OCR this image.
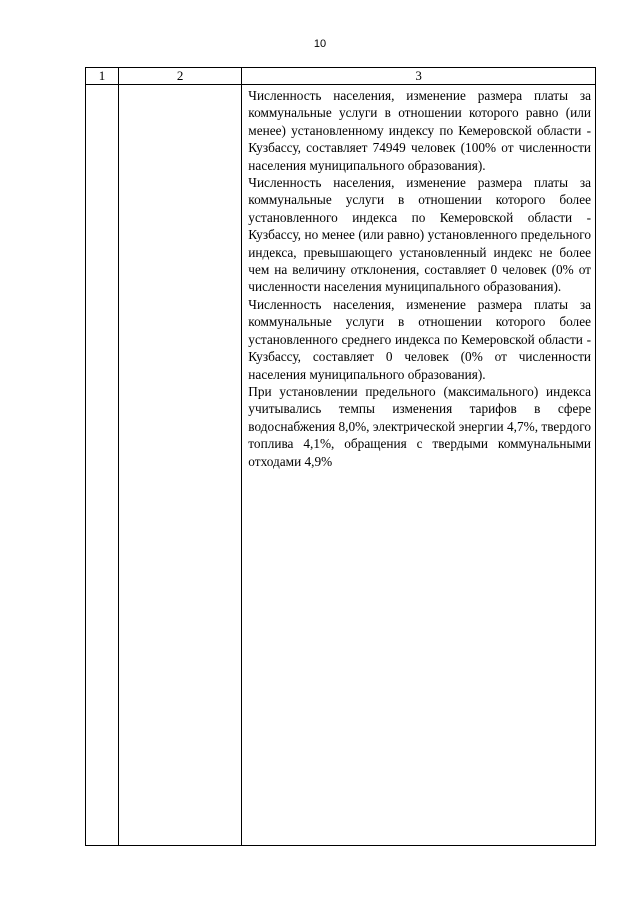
10
1	2	3

		Численность населения, изменение размера платы за коммунальные услуги в отношении которого равно (или менее) установленному индексу по Кемеровской области - Кузбассу, составляет 74949 человек (100% от численности населения муниципального образования).

Численность населения, изменение размера платы за коммунальные услуги в отношении которого более установленного индекса по Кемеровской области - Кузбассу, но менее (или равно) установленного предельного индекса, превышающего установленный индекс не более чем на величину отклонения, составляет 0 человек (0% от численности населения муниципального образования).

Численность населения, изменение размера платы за коммунальные услуги в отношении которого более установленного среднего индекса по Кемеровской области - Кузбассу, составляет 0 человек (0% от численности населения муниципального образования).

При установлении предельного (максимального) индекса учитывались темпы изменения тарифов в сфере водоснабжения 8,0%, электрической энергии 4,7%, твердого топлива 4,1%, обращения с твердыми коммунальными отходами 4,9%
